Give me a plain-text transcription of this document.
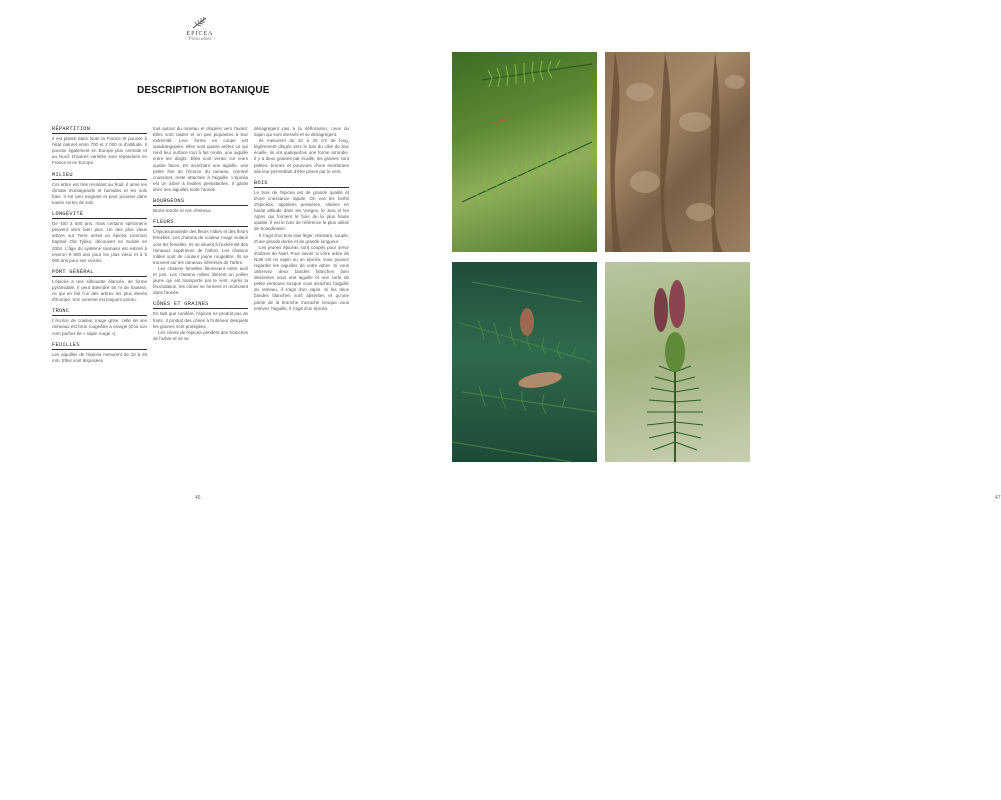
ÉPICÉA
- Picea abies -
DESCRIPTION BOTANIQUE
RÉPARTITION
Il est planté dans toute la France et pousse à l'état naturel entre 700 et 2 000 m d'altitude. Il pousse également en Europe plus centrale et au Nord. D'autres variétés sont répandues en France et en Europe.
MILIEU
Cet arbre est très résistant au froid, il aime les climats montagnards et humides et les sols frais. Il est peu exigeant et peut pousser dans toutes sortes de sols.
LONGÉVITÉ
De 400 à 500 ans, mais certains spécimens peuvent vivre bien plus. Un des plus vieux arbres sur Terre serait un épicéa commun baptisé Old Tjikko, découvert en Suède en 2004. L'âge du système racinaire est estimé à environ 9 500 ans pour les plus vieux et à 5 000 ans pour ses voisins.
PORT GÉNÉRAL
L'épicéa a une silhouette élancée, de forme pyramidale. Il peut atteindre 50 m de hauteur, ce qui en fait l'un des arbres les plus élevés d'Europe. Son sommet est toujours pointu.
TRONC
L'écorce de couleur rouge grise, celle de ses rameaux est brun rougeâtre à orangé (d'où son nom parfois de « sapin rouge »).
FEUILLES
Les aiguilles de l'épicéa mesurent de 15 à 25 mm. Elles sont disposées
tout autour du rameau et dirigées vers l'avant. Elles sont raides et un peu piquantes à leur extrémité. Leur forme en coupe est quadrangulaire, elles sont quatre arêtes ce qui rend leur surface tout à fait ronde, une aiguille entre les doigts. Elles sont vertes sur leurs quatre faces. En arrachant une aiguille, une petite fine de l'écorce du rameau, nommé coussinet, reste attachée à l'aiguille. L'épicéa est un arbre à feuilles persistantes. Il garde donc ses aiguilles toute l'année.
BOURGEONS
Bruns tendre et non résineux.
FLEURS
L'épicéa possède des fleurs mâles et des fleurs femelles. Les chatons de couleur rouge violacé sont les femelles. Ils se situent à l'extrémité des rameaux supérieurs de l'arbre. Les chatons mâles sont de couleur jaune rougeâtre. Ils se trouvent sur les rameaux inférieurs de l'arbre.
Les chatons femelles fleurissent entre avril et juin. Les chatons mâles libèrent un pollen jaune qui est transporté par le vent. Après la fécondation, les cônes se forment et mûrissent dans l'année.
CÔNES ET GRAINES
En tant que conifère, l'épicéa ne produit pas de fruits. Il produit des cônes à l'intérieur desquels les graines sont protégées.
Les cônes de l'épicéa pendent des branches de l'arbre et ne se
désagrègent pas à la défloraison, ceux du sapin qui sont dressés et se désagrègent.
Ils mesurent de 10 à 20 cm de long, légèrement dirigés vers le bas du côté de leur écaille, ils ont quelquefois une forme arrondie. Il y a deux graines par écaille, les graines sont petites, brunes et pourvues d'une membrane aile leur permettant d'être prises par le vent.
BOIS
Le bois de l'épicéa est de grande qualité et d'une croissance rapide. On voit les forêts d'épicéas, appelées pessières, situées en haute altitude dans les Vosges, le Jura et les Alpes qui forment le bois de la plus haute qualité. Il est le bois de référence le plus utilisé de Scandinavie.
Il s'agit d'un bois clair léger, résistant, souple, d'une grande durée et de grande longueur.
Les jeunes épicéas sont coupés pour servir d'arbres de Noël. Pour savoir si votre arbre de Noël est un sapin ou un épicéa, vous pouvez regarder les aiguilles de votre arbre. Si vous observez deux bandes blanches bien dessinées sous une aiguille et une sorte de petite ventouse lorsque vous arrachez l'aiguille du rameau, il s'agit d'un sapin. Si les deux bandes blanches sont absentes et qu'une partie de la branche s'arrache lorsque vous enlevez l'aiguille, il s'agit d'un épicéa.
46	47
